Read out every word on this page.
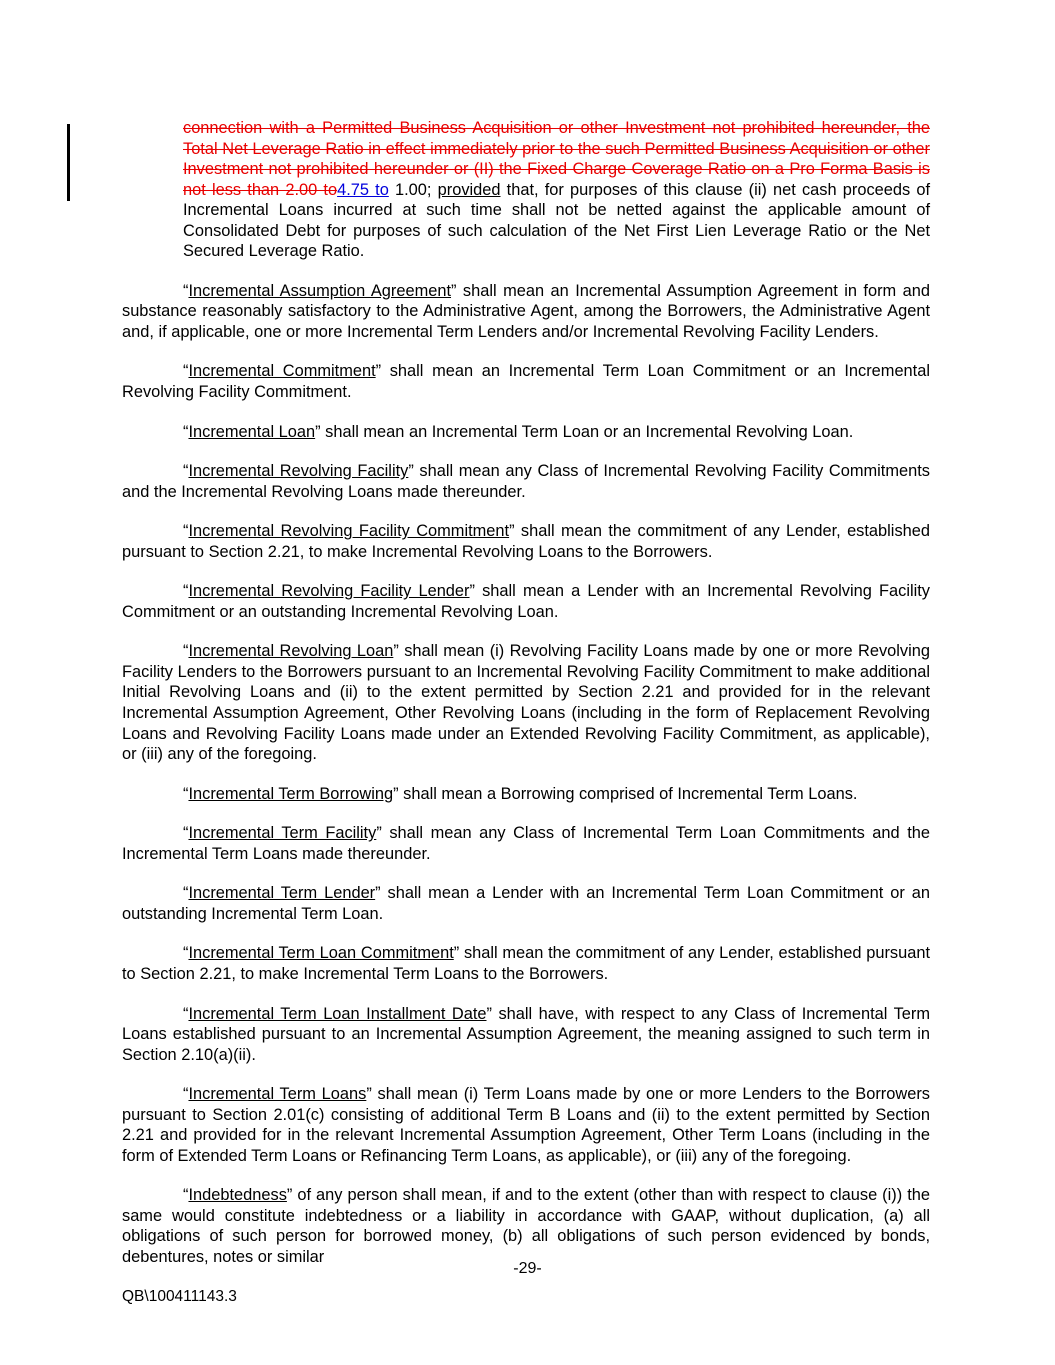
connection with a Permitted Business Acquisition or other Investment not prohibited hereunder, the Total Net Leverage Ratio in effect immediately prior to the such Permitted Business Acquisition or other Investment not prohibited hereunder or (II) the Fixed Charge Coverage Ratio on a Pro Forma Basis is not less than 2.00 to4.75 to 1.00; provided that, for purposes of this clause (ii) net cash proceeds of Incremental Loans incurred at such time shall not be netted against the applicable amount of Consolidated Debt for purposes of such calculation of the Net First Lien Leverage Ratio or the Net Secured Leverage Ratio.

“Incremental Assumption Agreement” shall mean an Incremental Assumption Agreement in form and substance reasonably satisfactory to the Administrative Agent, among the Borrowers, the Administrative Agent and, if applicable, one or more Incremental Term Lenders and/or Incremental Revolving Facility Lenders.

“Incremental Commitment” shall mean an Incremental Term Loan Commitment or an Incremental Revolving Facility Commitment.

“Incremental Loan” shall mean an Incremental Term Loan or an Incremental Revolving Loan.

“Incremental Revolving Facility” shall mean any Class of Incremental Revolving Facility Commitments and the Incremental Revolving Loans made thereunder.

“Incremental Revolving Facility Commitment” shall mean the commitment of any Lender, established pursuant to Section 2.21, to make Incremental Revolving Loans to the Borrowers.

“Incremental Revolving Facility Lender” shall mean a Lender with an Incremental Revolving Facility Commitment or an outstanding Incremental Revolving Loan.

“Incremental Revolving Loan” shall mean (i) Revolving Facility Loans made by one or more Revolving Facility Lenders to the Borrowers pursuant to an Incremental Revolving Facility Commitment to make additional Initial Revolving Loans and (ii) to the extent permitted by Section 2.21 and provided for in the relevant Incremental Assumption Agreement, Other Revolving Loans (including in the form of Replacement Revolving Loans and Revolving Facility Loans made under an Extended Revolving Facility Commitment, as applicable), or (iii) any of the foregoing.

“Incremental Term Borrowing” shall mean a Borrowing comprised of Incremental Term Loans.

“Incremental Term Facility” shall mean any Class of Incremental Term Loan Commitments and the Incremental Term Loans made thereunder.

“Incremental Term Lender” shall mean a Lender with an Incremental Term Loan Commitment or an outstanding Incremental Term Loan.

“Incremental Term Loan Commitment” shall mean the commitment of any Lender, established pursuant to Section 2.21, to make Incremental Term Loans to the Borrowers.

“Incremental Term Loan Installment Date” shall have, with respect to any Class of Incremental Term Loans established pursuant to an Incremental Assumption Agreement, the meaning assigned to such term in Section 2.10(a)(ii).

“Incremental Term Loans” shall mean (i) Term Loans made by one or more Lenders to the Borrowers pursuant to Section 2.01(c) consisting of additional Term B Loans and (ii) to the extent permitted by Section 2.21 and provided for in the relevant Incremental Assumption Agreement, Other Term Loans (including in the form of Extended Term Loans or Refinancing Term Loans, as applicable), or (iii) any of the foregoing.

“Indebtedness” of any person shall mean, if and to the extent (other than with respect to clause (i)) the same would constitute indebtedness or a liability in accordance with GAAP, without duplication, (a) all obligations of such person for borrowed money, (b) all obligations of such person evidenced by bonds, debentures, notes or similar

-29-
QB\100411143.3
